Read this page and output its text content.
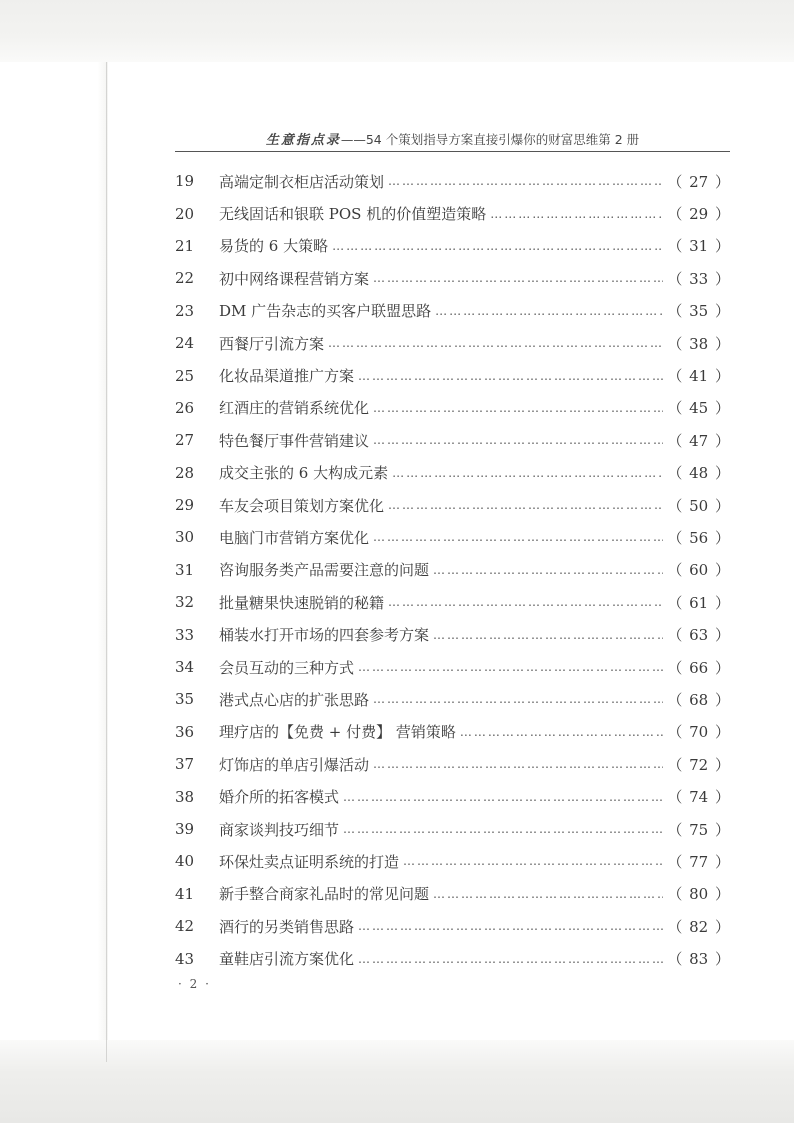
生意指点录——54 个策划指导方案直接引爆你的财富思维第 2 册
19	高端定制衣柜店活动策划 ……………………………………………………………………………………………………	（ 27 ）
20	无线固话和银联 POS 机的价值塑造策略 ……………………………………………………………………………………………………	（ 29 ）
21	易货的 6 大策略 ……………………………………………………………………………………………………	（ 31 ）
22	初中网络课程营销方案 ……………………………………………………………………………………………………	（ 33 ）
23	DM 广告杂志的买客户联盟思路 ……………………………………………………………………………………………………	（ 35 ）
24	西餐厅引流方案 ……………………………………………………………………………………………………	（ 38 ）
25	化妆品渠道推广方案 ……………………………………………………………………………………………………	（ 41 ）
26	红酒庄的营销系统优化 ……………………………………………………………………………………………………	（ 45 ）
27	特色餐厅事件营销建议 ……………………………………………………………………………………………………	（ 47 ）
28	成交主张的 6 大构成元素 ……………………………………………………………………………………………………	（ 48 ）
29	车友会项目策划方案优化 ……………………………………………………………………………………………………	（ 50 ）
30	电脑门市营销方案优化 ……………………………………………………………………………………………………	（ 56 ）
31	咨询服务类产品需要注意的问题 ……………………………………………………………………………………………………	（ 60 ）
32	批量糖果快速脱销的秘籍 ……………………………………………………………………………………………………	（ 61 ）
33	桶装水打开市场的四套参考方案 ……………………………………………………………………………………………………	（ 63 ）
34	会员互动的三种方式 ……………………………………………………………………………………………………	（ 66 ）
35	港式点心店的扩张思路 ……………………………………………………………………………………………………	（ 68 ）
36	理疗店的【免费 + 付费】 营销策略 ……………………………………………………………………………………………………	（ 70 ）
37	灯饰店的单店引爆活动 ……………………………………………………………………………………………………	（ 72 ）
38	婚介所的拓客模式 ……………………………………………………………………………………………………	（ 74 ）
39	商家谈判技巧细节 ……………………………………………………………………………………………………	（ 75 ）
40	环保灶卖点证明系统的打造 ……………………………………………………………………………………………………	（ 77 ）
41	新手整合商家礼品时的常见问题 ……………………………………………………………………………………………………	（ 80 ）
42	酒行的另类销售思路 ……………………………………………………………………………………………………	（ 82 ）
43	童鞋店引流方案优化 ……………………………………………………………………………………………………	（ 83 ）
· 2 ·
